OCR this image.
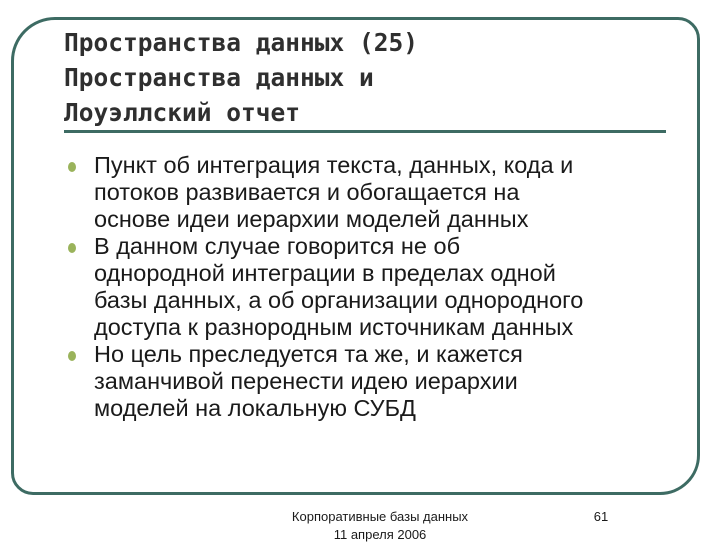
Пространства данных (25)
Пространства данных и
Лоуэллский отчет
Пункт об интеграция текста, данных, кода и
потоков развивается и обогащается на
основе идеи иерархии моделей данных
В данном случае говорится не об
однородной интеграции в пределах одной
базы данных, а об организации однородного
доступа к разнородным источникам данных
Но цель преследуется та же, и кажется
заманчивой перенести идею иерархии
моделей на локальную СУБД
Корпоративные базы данных
11 апреля 2006
61
